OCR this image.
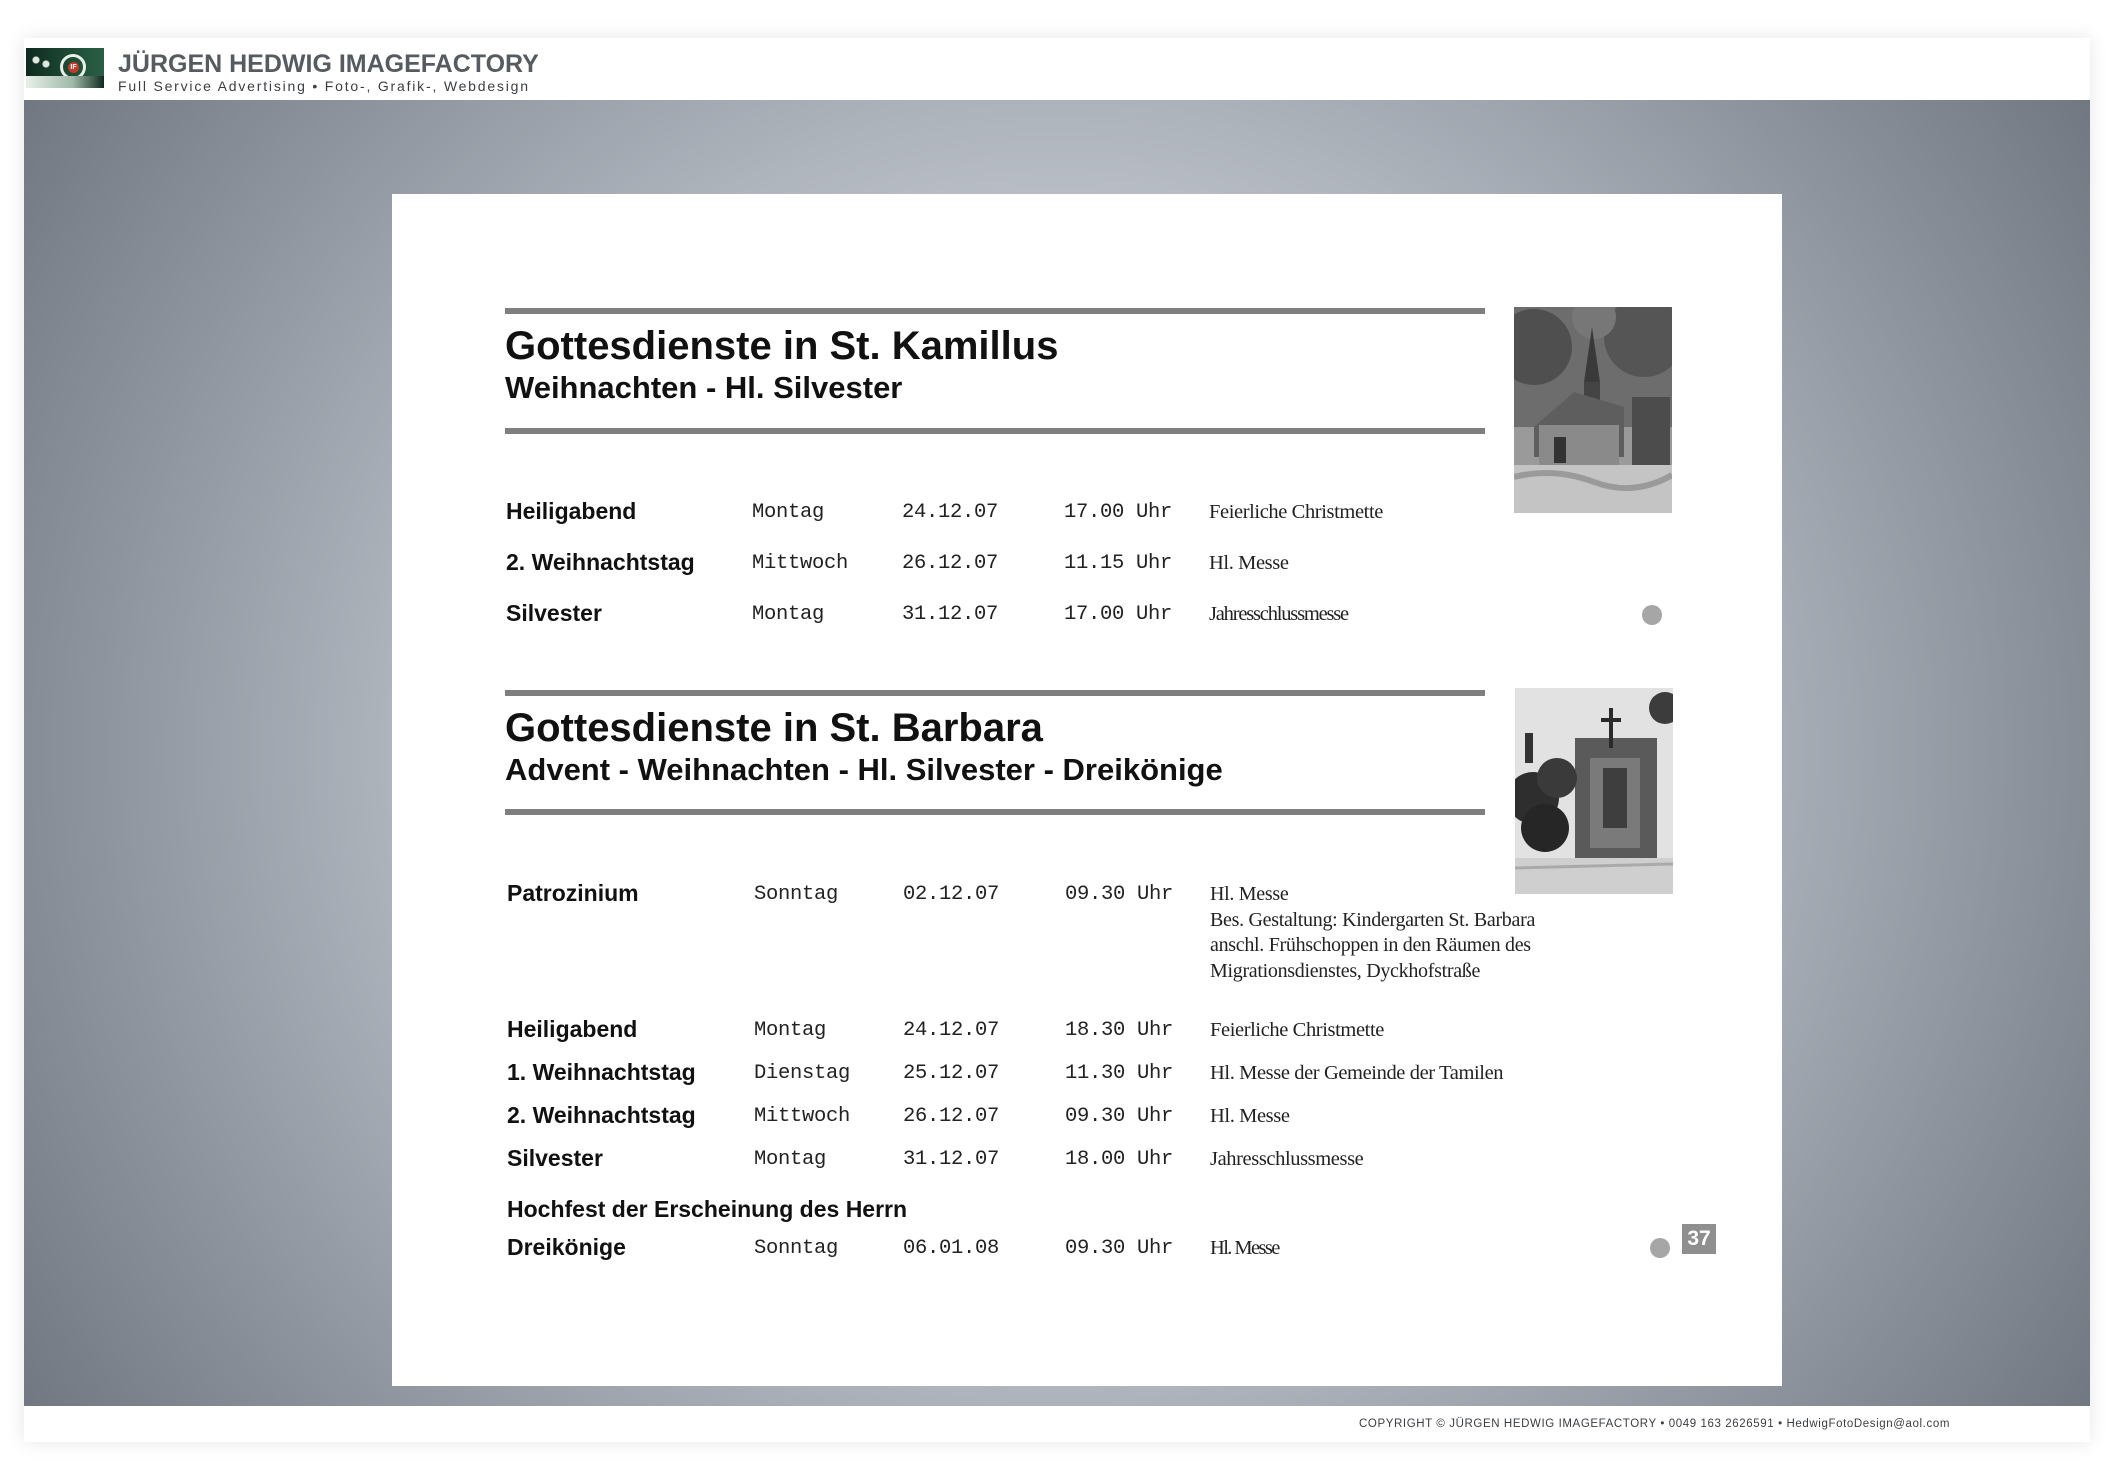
IF JÜRGEN HEDWIG IMAGEFACTORY
Full Service Advertising • Foto-, Grafik-, Webdesign
Gottesdienste in St. Kamillus
Weihnachten - Hl. Silvester
Heiligabend	Montag	24.12.07	17.00 Uhr Feierliche Christmette
2. Weihnachtstag	Mittwoch	26.12.07	11.15 Uhr Hl. Messe
Silvester	Montag	31.12.07	17.00 Uhr Jahresschlussmesse
Gottesdienste in St. Barbara
Advent - Weihnachten - Hl. Silvester - Dreikönige
Patrozinium	Sonntag	02.12.07	09.30 Uhr Hl. Messe
Bes. Gestaltung: Kindergarten St. Barbara
anschl. Frühschoppen in den Räumen des
Migrationsdienstes, Dyckhofstraße
Heiligabend	Montag	24.12.07	18.30 Uhr Feierliche Christmette
1. Weihnachtstag	Dienstag	25.12.07	11.30 Uhr Hl. Messe der Gemeinde der Tamilen
2. Weihnachtstag	Mittwoch	26.12.07	09.30 Uhr Hl. Messe
Silvester	Montag	31.12.07	18.00 Uhr Jahresschlussmesse
Hochfest der Erscheinung des Herrn
Dreikönige	Sonntag	06.01.08	09.30 Uhr Hl. Messe	37
COPYRIGHT © JÜRGEN HEDWIG IMAGEFACTORY • 0049 163 2626591 • HedwigFotoDesign@aol.com
